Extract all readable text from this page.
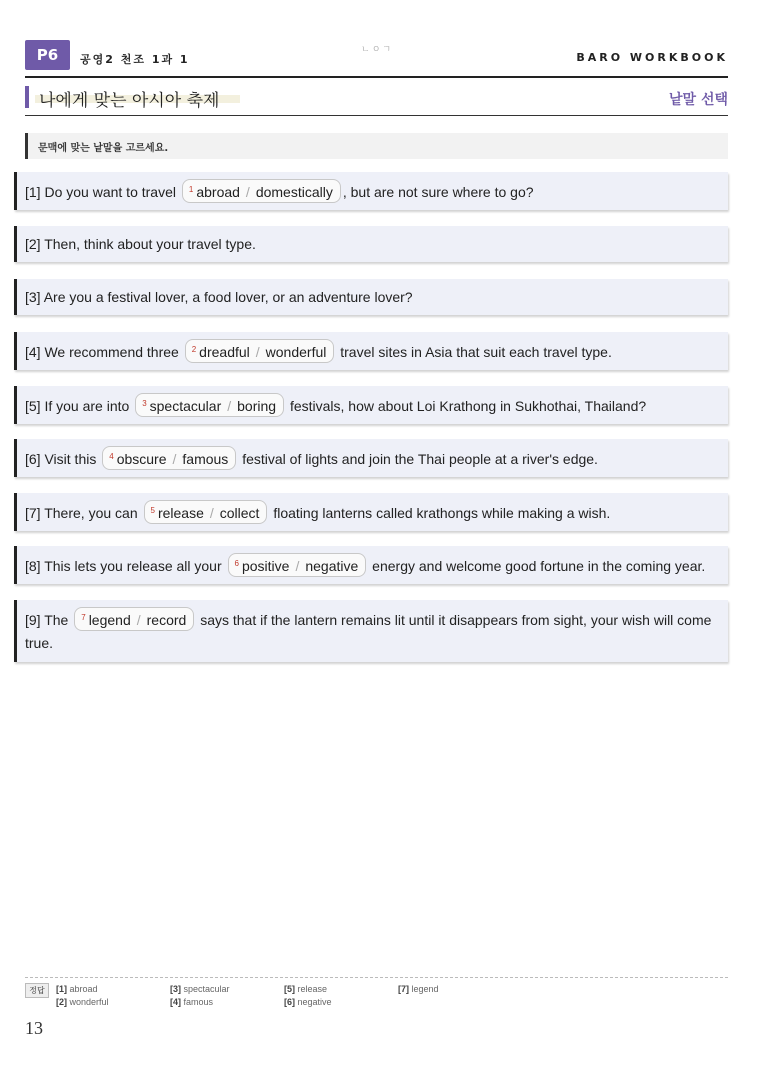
P6	공영2 천조 1과 1
ㄴㅇㄱ
BARO WORKBOOK
나에게 맞는 아시아 축제	낱말 선택
문맥에 맞는 낱말을 고르세요.
[1] Do you want to travel $^1$ abroad / domestically , but are not sure where to go?
[2] Then, think about your travel type.
[3] Are you a festival lover, a food lover, or an adventure lover?
[4] We recommend three $^2$ dreadful / wonderful travel sites in Asia that suit each travel type.
[5] If you are into $^3$ spectacular / boring festivals, how about Loi Krathong in Sukhothai, Thailand?
[6] Visit this $^4$ obscure / famous festival of lights and join the Thai people at a river's edge.
[7] There, you can $^5$ release / collect floating lanterns called krathongs while making a wish.
[8] This lets you release all your $^6$ positive / negative energy and welcome good fortune in the coming year.
[9] The $^7$ legend / record says that if the lantern remains lit until it disappears from sight, your wish will come true.
정답	[1] abroad
[2] wonderful
[3] spectacular
[4] famous
[5] release
[6] negative
[7] legend
13
